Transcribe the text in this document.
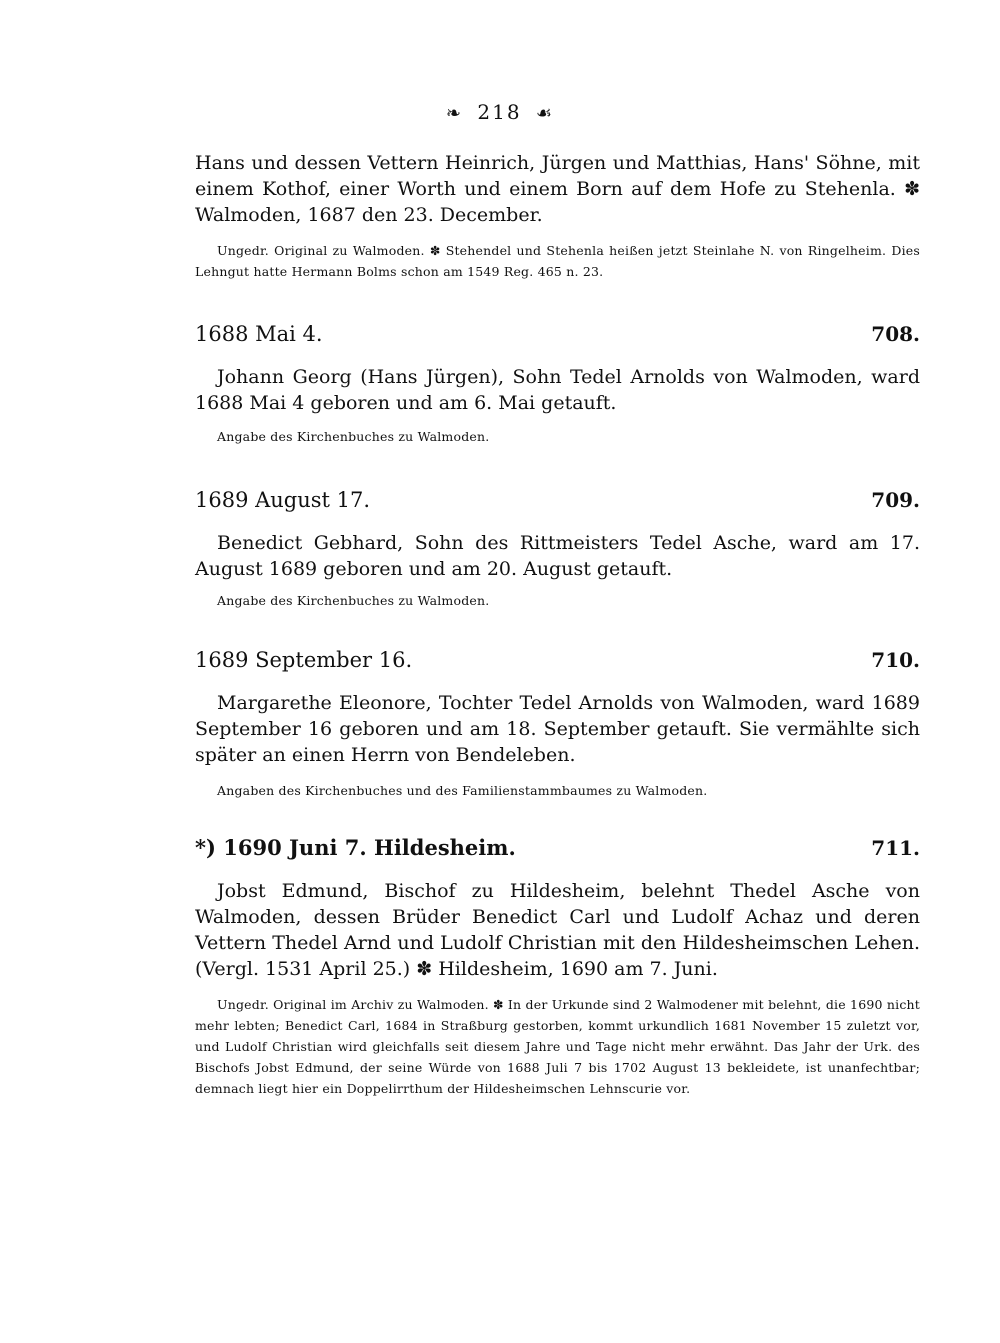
❧ 218 ☙

Hans und dessen Vettern Heinrich, Jürgen und Matthias, Hans' Söhne, mit einem Kothof, einer Worth und einem Born auf dem Hofe zu Stehenla. ✽ Walmoden, 1687 den 23. December.

Ungedr. Original zu Walmoden. ✽ Stehendel und Stehenla heißen jetzt Steinlahe N. von Ringelheim. Dies Lehngut hatte Hermann Bolms schon am 1549 Reg. 465 n. 23.

1688 Mai 4.	708.

Johann Georg (Hans Jürgen), Sohn Tedel Arnolds von Walmoden, ward 1688 Mai 4 geboren und am 6. Mai getauft.

Angabe des Kirchenbuches zu Walmoden.

1689 August 17.	709.

Benedict Gebhard, Sohn des Rittmeisters Tedel Asche, ward am 17. August 1689 geboren und am 20. August getauft.

Angabe des Kirchenbuches zu Walmoden.

1689 September 16.	710.

Margarethe Eleonore, Tochter Tedel Arnolds von Walmoden, ward 1689 September 16 geboren und am 18. September getauft. Sie vermählte sich später an einen Herrn von Bendeleben.

Angaben des Kirchenbuches und des Familienstammbaumes zu Walmoden.

*) 1690 Juni 7. Hildesheim.	711.

Jobst Edmund, Bischof zu Hildesheim, belehnt Thedel Asche von Walmoden, dessen Brüder Benedict Carl und Ludolf Achaz und deren Vettern Thedel Arnd und Ludolf Christian mit den Hildesheimschen Lehen. (Vergl. 1531 April 25.) ✽ Hildesheim, 1690 am 7. Juni.

Ungedr. Original im Archiv zu Walmoden. ✽ In der Urkunde sind 2 Walmodener mit belehnt, die 1690 nicht mehr lebten; Benedict Carl, 1684 in Straßburg gestorben, kommt urkundlich 1681 November 15 zuletzt vor, und Ludolf Christian wird gleichfalls seit diesem Jahre und Tage nicht mehr erwähnt. Das Jahr der Urk. des Bischofs Jobst Edmund, der seine Würde von 1688 Juli 7 bis 1702 August 13 bekleidete, ist unanfechtbar; demnach liegt hier ein Doppelirrthum der Hildesheimschen Lehnscurie vor.
